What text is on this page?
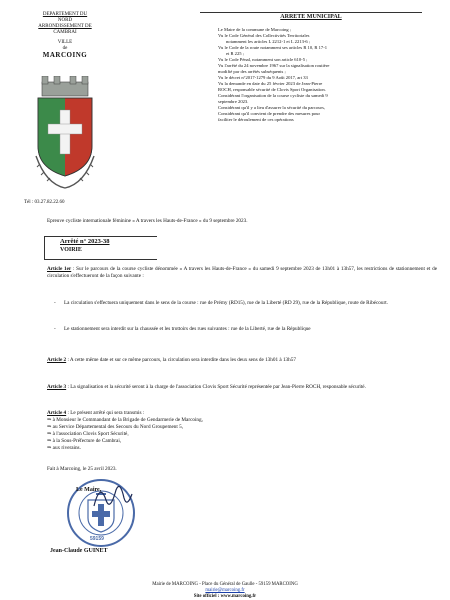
DEPARTEMENT DU
NORD
ARRONDISSEMENT DE
CAMBRAI
VILLE
de
MARCOING
Tél : 03.27.82.22.60
ARRETE MUNICIPAL

Le Maire de la commune de Marcoing ;

Vu le Code Général des Collectivités Territoriales

notamment les articles L 2212-1 et L 2213-6 ;

Vu le Code de la route notamment ses articles R 10, R 17-1

et R 225 ;

Vu le Code Pénal, notamment son article 610-5 ;

Vu l'arrêté du 24 novembre 1967 sur la signalisation routière

modifié par des arrêtés subséquents ;

Vu le décret n°2017-1279 du 9 Août 2017, art 33

Vu la demande en date du 25 février 2023 de Jean-Pierre

ROCH, responsable sécurité de Clovis Sport Organisation.

Considérant l'organisation de la course cycliste du samedi 9

septembre 2023.

Considérant qu'il y a lieu d'assurer la sécurité du parcours,

Considérant qu'il convient de prendre des mesures pour

faciliter le déroulement de ces opérations

Epreuve cycliste internationale féminine « A travers les Hauts-de-France » du 9 septembre 2023.
Arrêté n° 2023-38
VOIRIE

Article 1er : Sur le parcours de la course cycliste dénommée « A travers les Hauts-de-France » du samedi 9 septembre 2023 de 13h01 à 13h57, les restrictions de stationnement et de circulation s'effectueront de la façon suivante :

- La circulation s'effectuera uniquement dans le sens de la course : rue de Prémy (RD15), rue de la Liberté (RD 29), rue de la République, route de Ribécourt.
- Le stationnement sera interdit sur la chaussée et les trottoirs des rues suivantes : rue de la Liberté, rue de la République

Article 2 : A cette même date et sur ce même parcours, la circulation sera interdite dans les deux sens de 13h01 à 13h57

Article 3 : La signalisation et la sécurité seront à la charge de l'association Clovis Sport Sécurité représentée par Jean-Pierre ROCH, responsable sécurité.

Article 4 : Le présent arrêté qui sera transmis :

⇒ à Monsieur le Commandant de la Brigade de Gendarmerie de Marcoing,

⇒ au Service Départemental des Secours du Nord Groupement 5,

⇒ à l'association Clovis Sport Sécurité,

⇒ à la Sous-Préfecture de Cambrai,

⇒ aux riverains.

Fait à Marcoing, le 25 avril 2023.
59159
Le Maire,
Jean-Claude GUINET
Mairie de MARCOING - Place du Général de Gaulle - 59159 MARCOING
mairie@marcoing.fr
Site officiel : www.marcoing.fr
